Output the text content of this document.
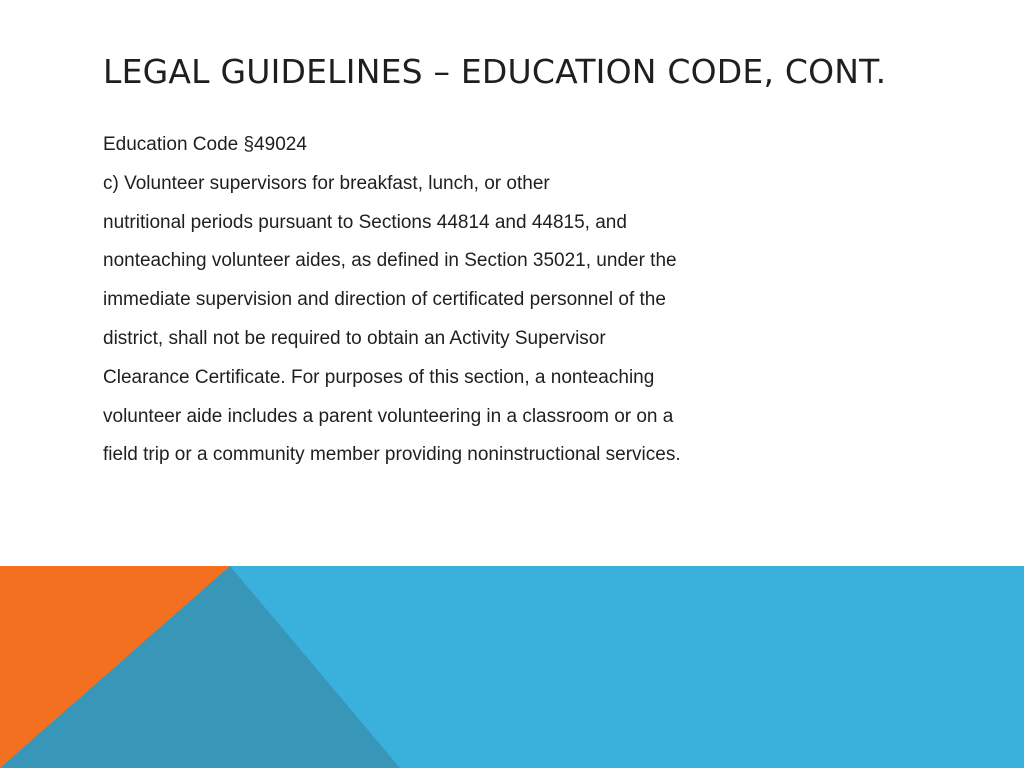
LEGAL GUIDELINES – EDUCATION CODE, CONT.
Education Code §49024
c) Volunteer supervisors for breakfast, lunch, or other
nutritional periods pursuant to Sections 44814 and 44815, and
nonteaching volunteer aides, as defined in Section 35021, under the
immediate supervision and direction of certificated personnel of the
district, shall not be required to obtain an Activity Supervisor
Clearance Certificate. For purposes of this section, a nonteaching
volunteer aide includes a parent volunteering in a classroom or on a
field trip or a community member providing noninstructional services.
